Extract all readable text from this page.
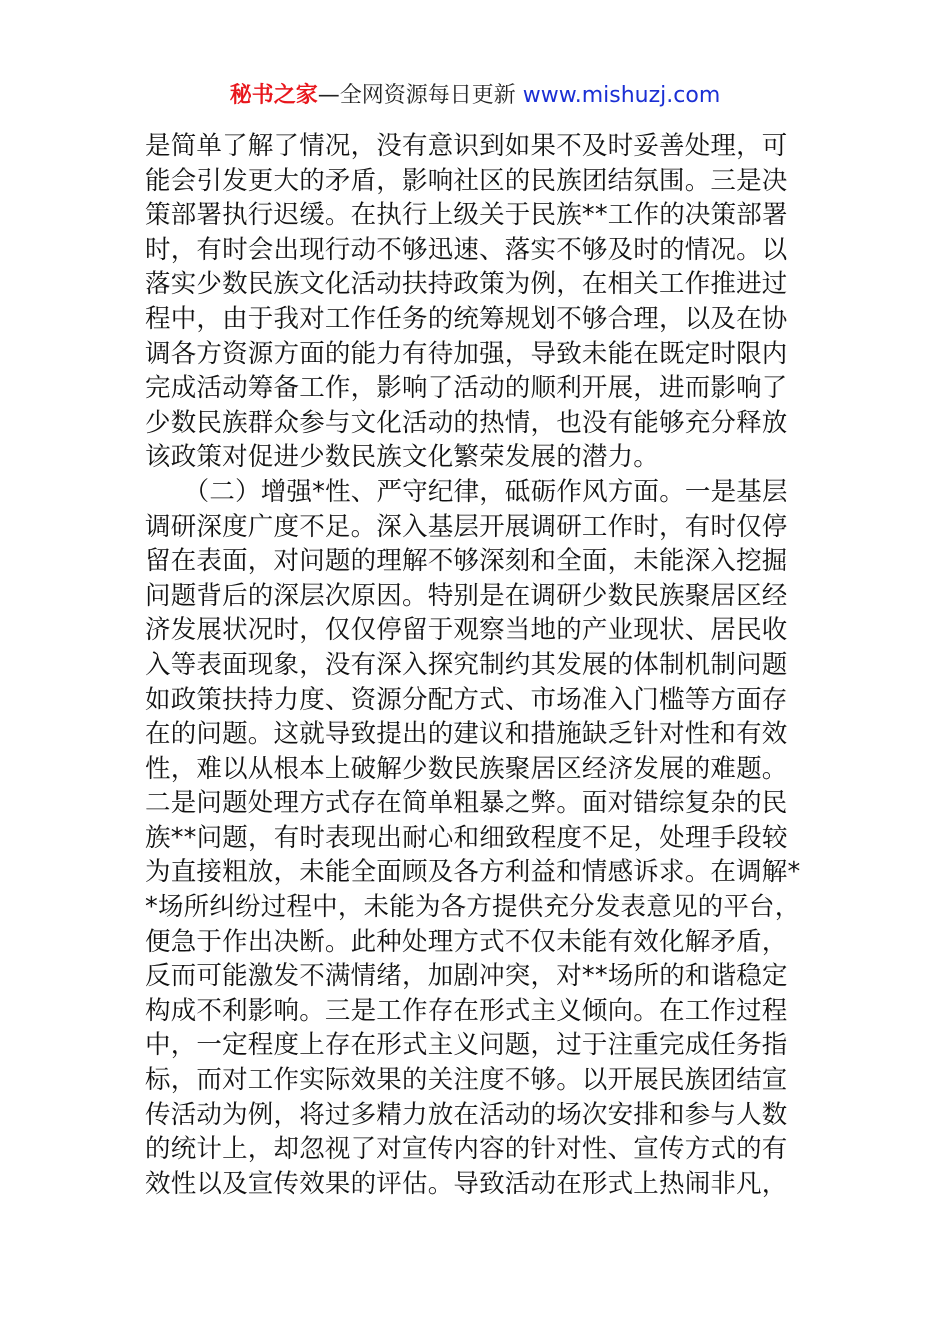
秘书之家—全网资源每日更新 www.mishuzj.com
是简单了解了情况，没有意识到如果不及时妥善处理，可
能会引发更大的矛盾，影响社区的民族团结氛围。三是决
策部署执行迟缓。在执行上级关于民族**工作的决策部署
时，有时会出现行动不够迅速、落实不够及时的情况。以
落实少数民族文化活动扶持政策为例，在相关工作推进过
程中，由于我对工作任务的统筹规划不够合理，以及在协
调各方资源方面的能力有待加强，导致未能在既定时限内
完成活动筹备工作，影响了活动的顺利开展，进而影响了
少数民族群众参与文化活动的热情，也没有能够充分释放
该政策对促进少数民族文化繁荣发展的潜力。
　　（二）增强*性、严守纪律，砥砺作风方面。一是基层
调研深度广度不足。深入基层开展调研工作时，有时仅停
留在表面，对问题的理解不够深刻和全面，未能深入挖掘
问题背后的深层次原因。特别是在调研少数民族聚居区经
济发展状况时，仅仅停留于观察当地的产业现状、居民收
入等表面现象，没有深入探究制约其发展的体制机制问题
如政策扶持力度、资源分配方式、市场准入门槛等方面存
在的问题。这就导致提出的建议和措施缺乏针对性和有效
性，难以从根本上破解少数民族聚居区经济发展的难题。
二是问题处理方式存在简单粗暴之弊。面对错综复杂的民
族**问题，有时表现出耐心和细致程度不足，处理手段较
为直接粗放，未能全面顾及各方利益和情感诉求。在调解*
*场所纠纷过程中，未能为各方提供充分发表意见的平台，
便急于作出决断。此种处理方式不仅未能有效化解矛盾，
反而可能激发不满情绪，加剧冲突，对**场所的和谐稳定
构成不利影响。三是工作存在形式主义倾向。在工作过程
中，一定程度上存在形式主义问题，过于注重完成任务指
标，而对工作实际效果的关注度不够。以开展民族团结宣
传活动为例，将过多精力放在活动的场次安排和参与人数
的统计上，却忽视了对宣传内容的针对性、宣传方式的有
效性以及宣传效果的评估。导致活动在形式上热闹非凡，
